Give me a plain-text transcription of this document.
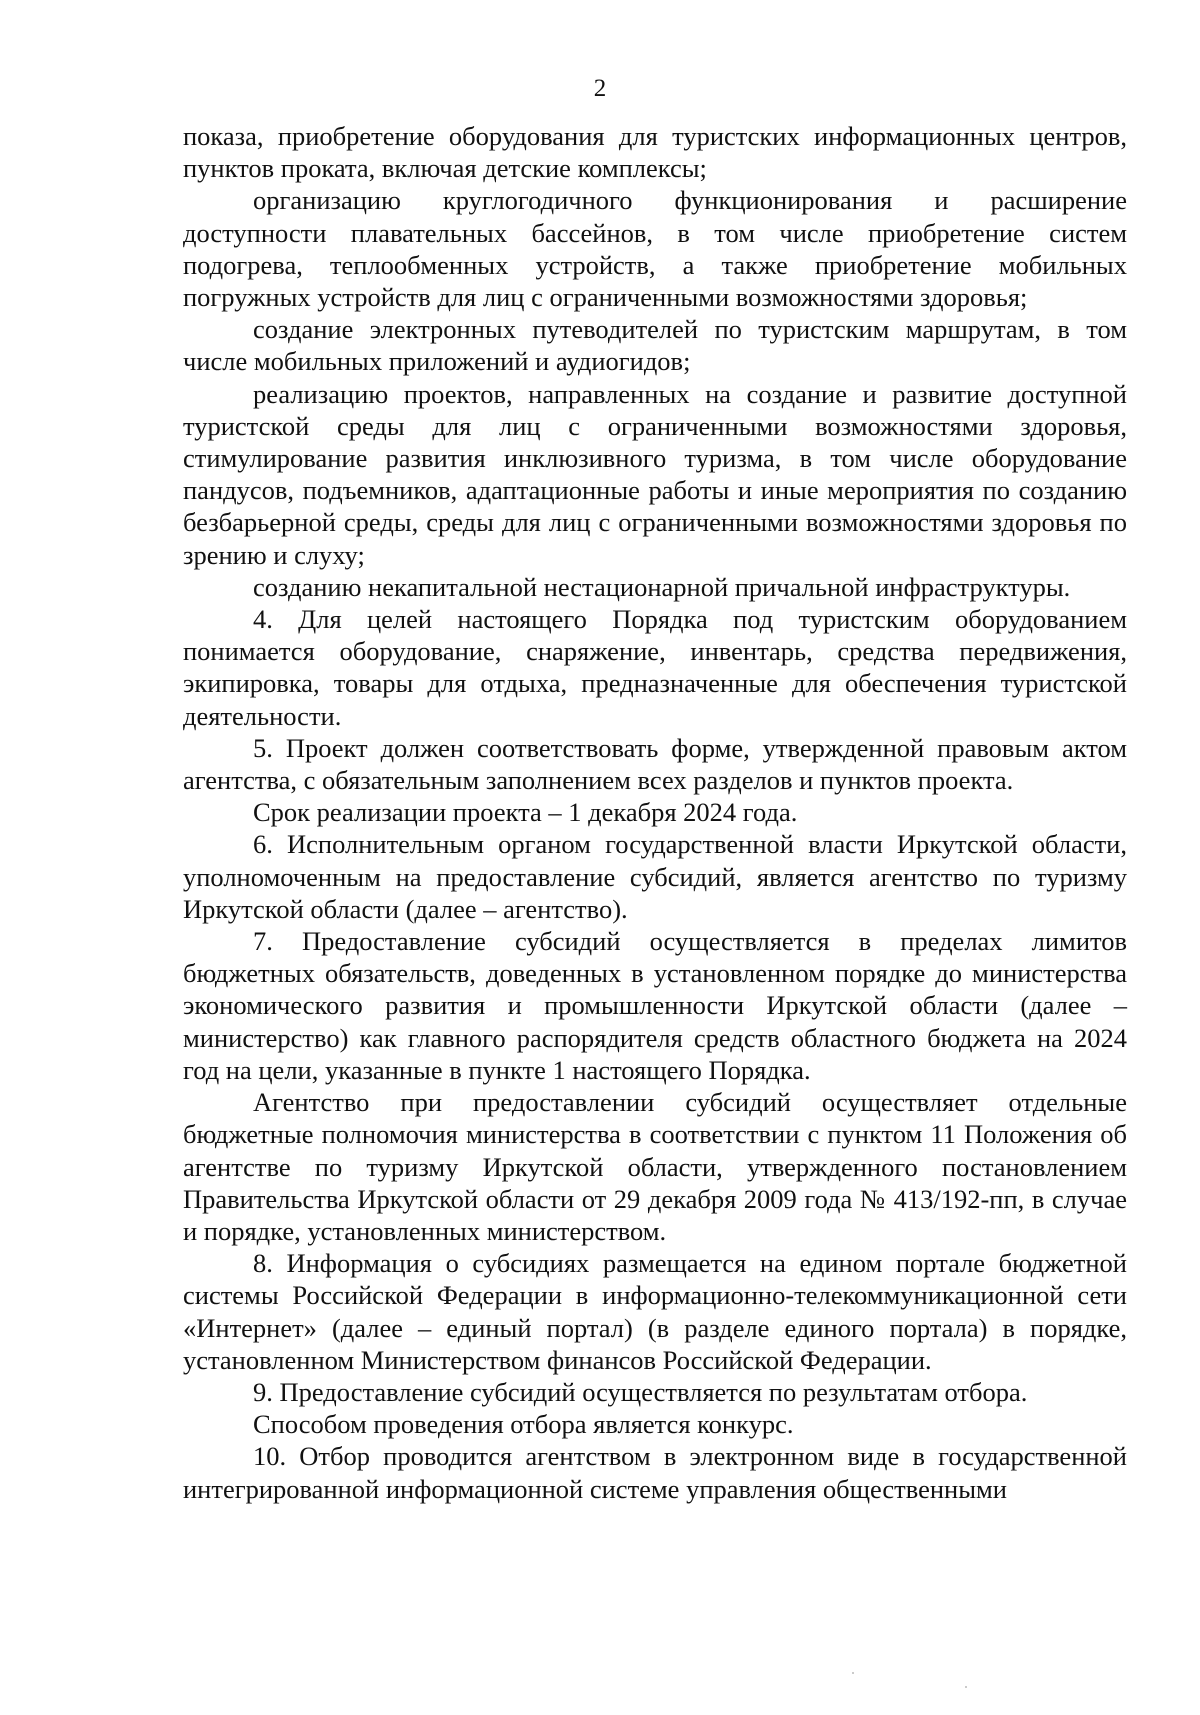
2

показа, приобретение оборудования для туристских информационных центров, пунктов проката, включая детские комплексы;

организацию круглогодичного функционирования и расширение доступности плавательных бассейнов, в том числе приобретение систем подогрева, теплообменных устройств, а также приобретение мобильных погружных устройств для лиц с ограниченными возможностями здоровья;

создание электронных путеводителей по туристским маршрутам, в том числе мобильных приложений и аудиогидов;

реализацию проектов, направленных на создание и развитие доступной туристской среды для лиц с ограниченными возможностями здоровья, стимулирование развития инклюзивного туризма, в том числе оборудование пандусов, подъемников, адаптационные работы и иные мероприятия по созданию безбарьерной среды, среды для лиц с ограниченными возможностями здоровья по зрению и слуху;

созданию некапитальной нестационарной причальной инфраструктуры.

4. Для целей настоящего Порядка под туристским оборудованием понимается оборудование, снаряжение, инвентарь, средства передвижения, экипировка, товары для отдыха, предназначенные для обеспечения туристской деятельности.

5. Проект должен соответствовать форме, утвержденной правовым актом агентства, с обязательным заполнением всех разделов и пунктов проекта.

Срок реализации проекта – 1 декабря 2024 года.

6. Исполнительным органом государственной власти Иркутской области, уполномоченным на предоставление субсидий, является агентство по туризму Иркутской области (далее – агентство).

7. Предоставление субсидий осуществляется в пределах лимитов бюджетных обязательств, доведенных в установленном порядке до министерства экономического развития и промышленности Иркутской области (далее – министерство) как главного распорядителя средств областного бюджета на 2024 год на цели, указанные в пункте 1 настоящего Порядка.

Агентство при предоставлении субсидий осуществляет отдельные бюджетные полномочия министерства в соответствии с пунктом 11 Положения об агентстве по туризму Иркутской области, утвержденного постановлением Правительства Иркутской области от 29 декабря 2009 года № 413/192-пп, в случае и порядке, установленных министерством.

8. Информация о субсидиях размещается на едином портале бюджетной системы Российской Федерации в информационно-телекоммуникационной сети «Интернет» (далее – единый портал) (в разделе единого портала) в порядке, установленном Министерством финансов Российской Федерации.

9. Предоставление субсидий осуществляется по результатам отбора.

Способом проведения отбора является конкурс.

10. Отбор проводится агентством в электронном виде в государственной интегрированной информационной системе управления общественными
